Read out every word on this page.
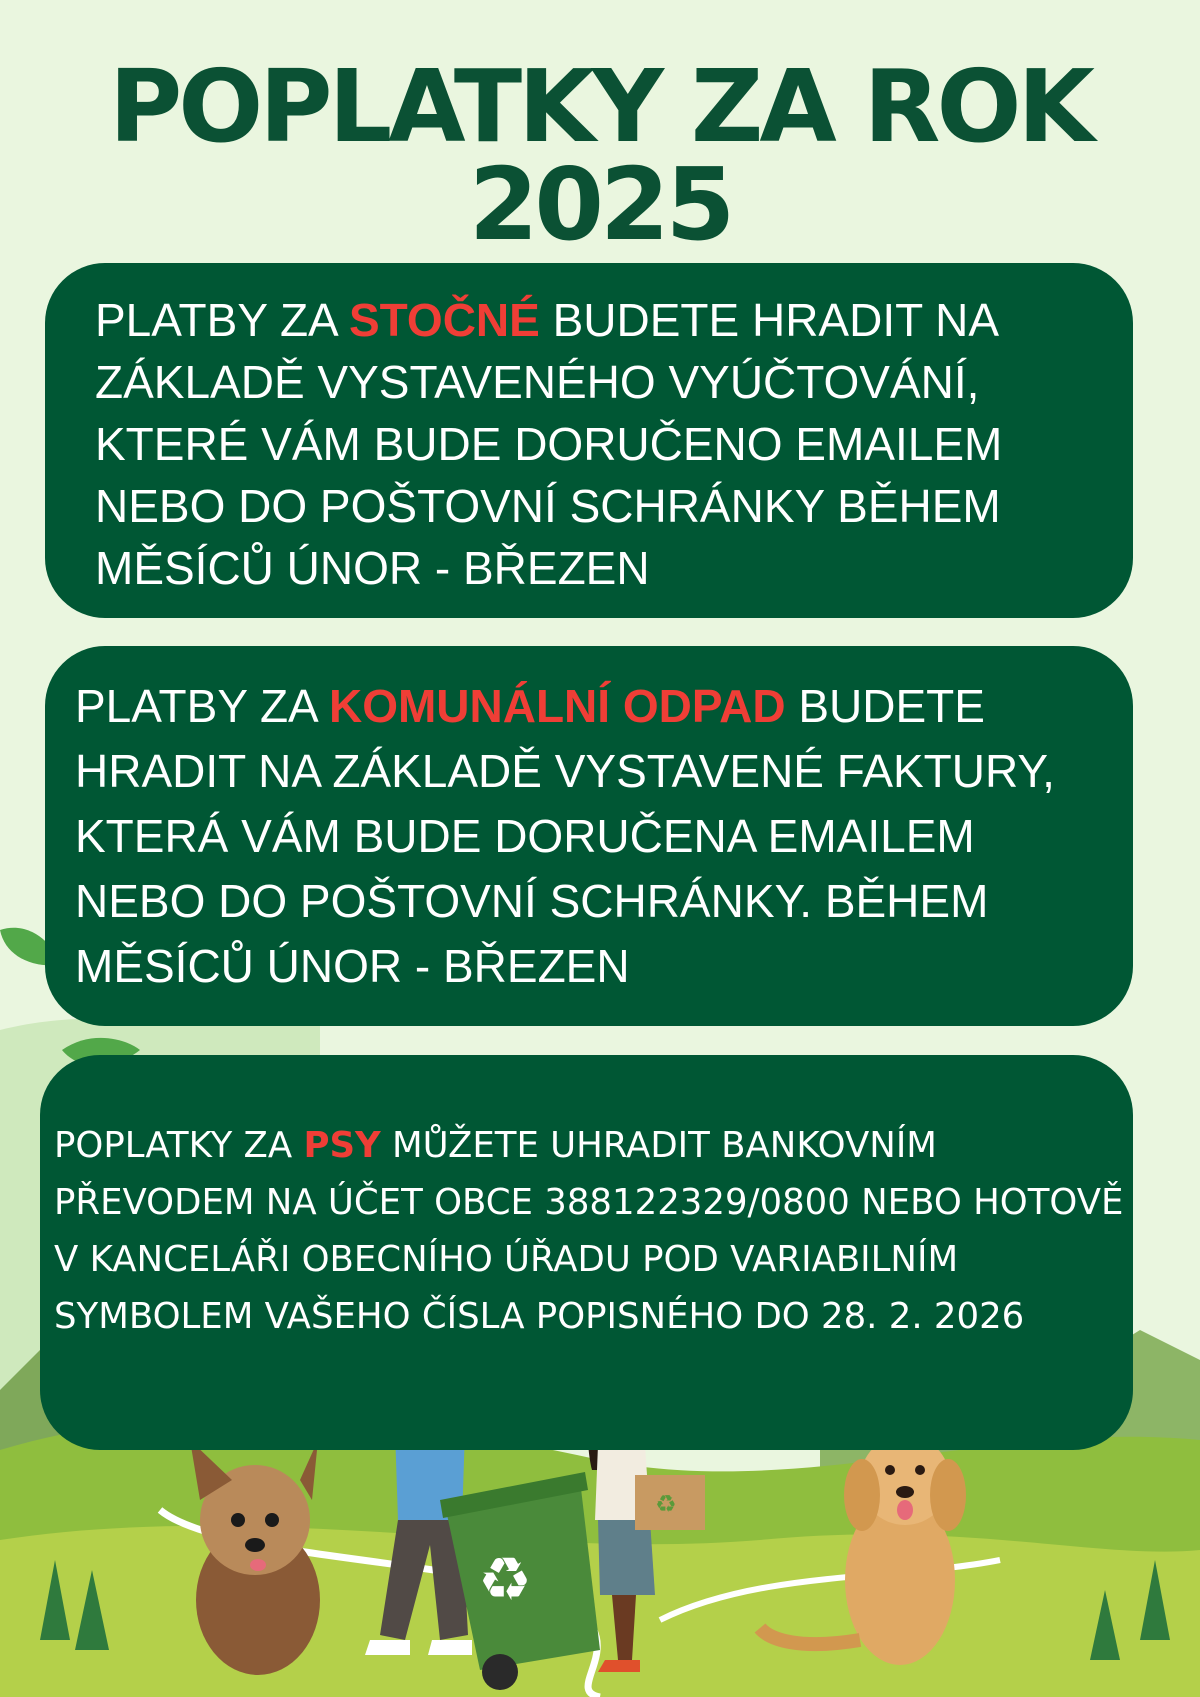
♻
♻
POPLATKY ZA ROK
2025

PLATBY ZA STOČNÉ BUDETE HRADIT NA ZÁKLADĚ VYSTAVENÉHO VYÚČTOVÁNÍ, KTERÉ VÁM BUDE DORUČENO EMAILEM NEBO DO POŠTOVNÍ SCHRÁNKY BĚHEM MĚSÍCŮ ÚNOR - BŘEZEN

PLATBY ZA KOMUNÁLNÍ ODPAD BUDETE HRADIT NA ZÁKLADĚ VYSTAVENÉ FAKTURY, KTERÁ VÁM BUDE DORUČENA EMAILEM NEBO DO POŠTOVNÍ SCHRÁNKY. BĚHEM MĚSÍCŮ ÚNOR - BŘEZEN

POPLATKY ZA PSY MŮŽETE UHRADIT BANKOVNÍM PŘEVODEM NA ÚČET OBCE 388122329/0800 NEBO HOTOVĚ V KANCELÁŘI OBECNÍHO ÚŘADU POD VARIABILNÍM SYMBOLEM VAŠEHO ČÍSLA POPISNÉHO DO 28. 2. 2026
